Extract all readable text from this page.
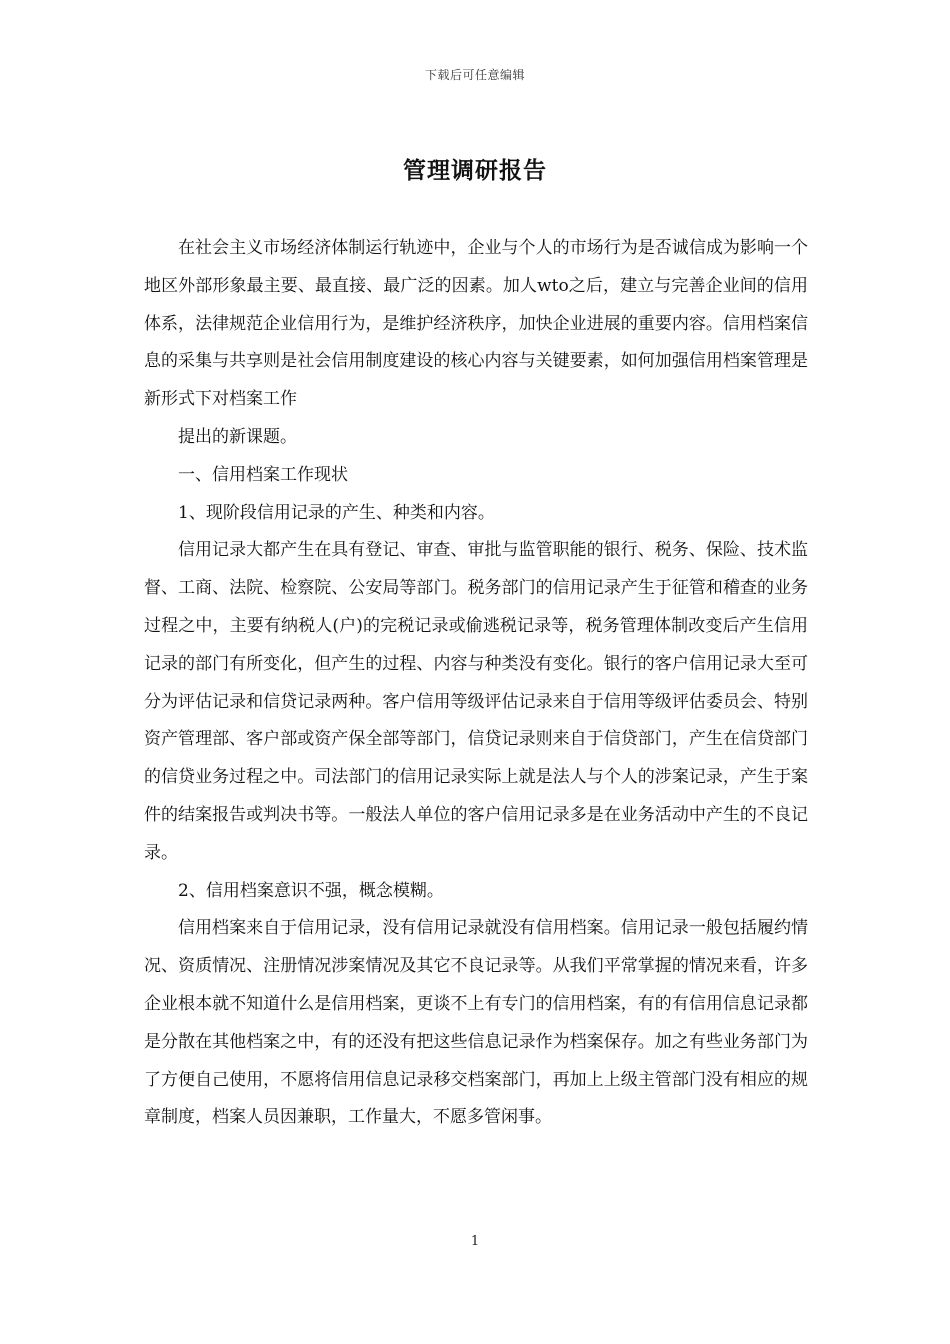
下载后可任意编辑
管理调研报告

在社会主义市场经济体制运行轨迹中，企业与个人的市场行为是否诚信成为影响一个地区外部形象最主要、最直接、最广泛的因素。加人wto之后，建立与完善企业间的信用体系，法律规范企业信用行为，是维护经济秩序，加快企业进展的重要内容。信用档案信息的采集与共享则是社会信用制度建设的核心内容与关键要素，如何加强信用档案管理是新形式下对档案工作

提出的新课题。

一、信用档案工作现状

1、现阶段信用记录的产生、种类和内容。

信用记录大都产生在具有登记、审查、审批与监管职能的银行、税务、保险、技术监督、工商、法院、检察院、公安局等部门。税务部门的信用记录产生于征管和稽查的业务过程之中，主要有纳税人(户)的完税记录或偷逃税记录等，税务管理体制改变后产生信用记录的部门有所变化，但产生的过程、内容与种类没有变化。银行的客户信用记录大至可分为评估记录和信贷记录两种。客户信用等级评估记录来自于信用等级评估委员会、特别资产管理部、客户部或资产保全部等部门，信贷记录则来自于信贷部门，产生在信贷部门的信贷业务过程之中。司法部门的信用记录实际上就是法人与个人的涉案记录，产生于案件的结案报告或判决书等。一般法人单位的客户信用记录多是在业务活动中产生的不良记录。

2、信用档案意识不强，概念模糊。

信用档案来自于信用记录，没有信用记录就没有信用档案。信用记录一般包括履约情况、资质情况、注册情况涉案情况及其它不良记录等。从我们平常掌握的情况来看，许多企业根本就不知道什么是信用档案，更谈不上有专门的信用档案，有的有信用信息记录都是分散在其他档案之中，有的还没有把这些信息记录作为档案保存。加之有些业务部门为了方便自己使用，不愿将信用信息记录移交档案部门，再加上上级主管部门没有相应的规章制度，档案人员因兼职，工作量大，不愿多管闲事。

1
